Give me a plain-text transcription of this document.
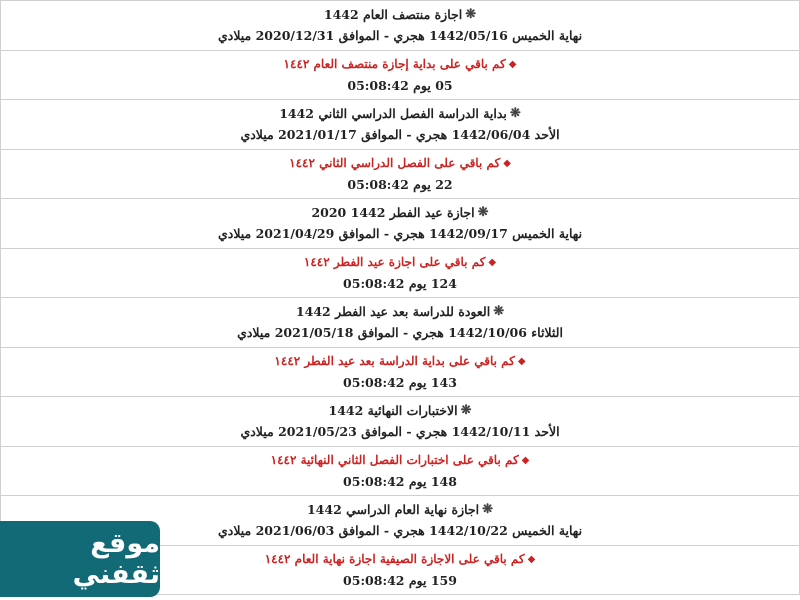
❋
اجازة منتصف العام 1442
نهاية الخميس 1442/05/16 هجري - الموافق 2020/12/31 ميلادي
◆
كم باقي على بداية إجازة منتصف العام ١٤٤٢
05 يوم 05:08:42
❋
بداية الدراسة الفصل الدراسي الثاني 1442
الأحد 1442/06/04 هجري - الموافق 2021/01/17 ميلادي
◆
كم باقي على الفصل الدراسي الثاني ١٤٤٢
22 يوم 05:08:42
❋
اجازة عيد الفطر 1442 2020
نهاية الخميس 1442/09/17 هجري - الموافق 2021/04/29 ميلادي
◆
كم باقي على اجازة عيد الفطر ١٤٤٢
124 يوم 05:08:42
❋
العودة للدراسة بعد عيد الفطر 1442
الثلاثاء 1442/10/06 هجري - الموافق 2021/05/18 ميلادي
◆
كم باقي على بداية الدراسة بعد عيد الفطر ١٤٤٢
143 يوم 05:08:42
❋
الاختبارات النهائية 1442
الأحد 1442/10/11 هجري - الموافق 2021/05/23 ميلادي
◆
كم باقي على اختبارات الفصل الثاني النهائية ١٤٤٢
148 يوم 05:08:42
❋
اجازة نهاية العام الدراسي 1442
نهاية الخميس 1442/10/22 هجري - الموافق 2021/06/03 ميلادي
◆
كم باقي على الاجازة الصيفية اجازة نهاية العام ١٤٤٢
159 يوم 05:08:42
موقع ثقفني
